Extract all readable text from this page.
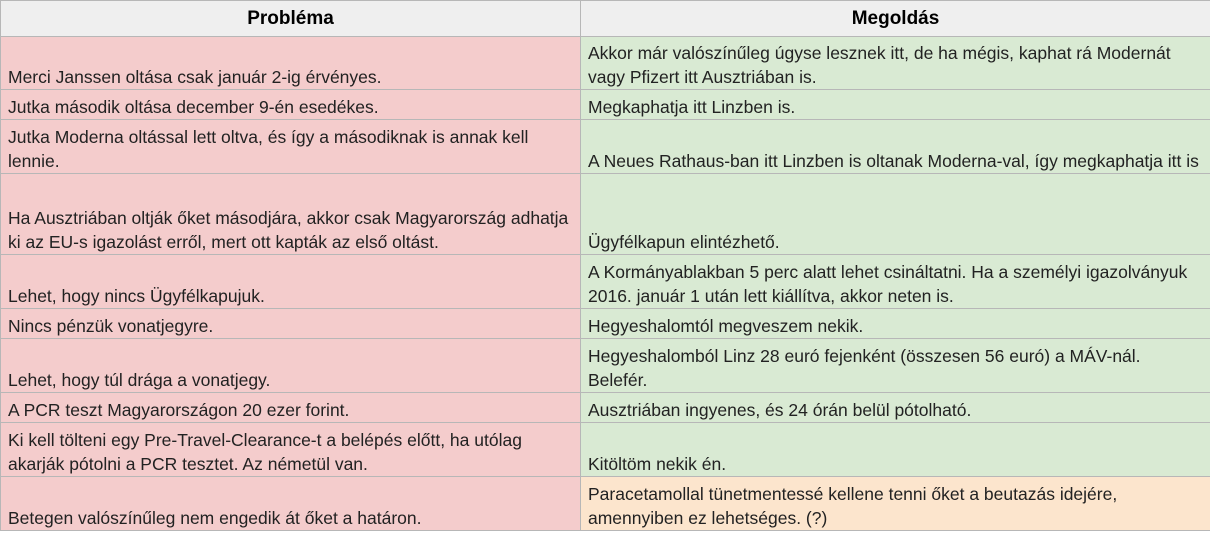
Probléma	Megoldás
Merci Janssen oltása csak január 2-ig érvényes.	Akkor már valószínűleg úgyse lesznek itt, de ha mégis, kaphat rá Modernát vagy Pfizert itt Ausztriában is.
Jutka második oltása december 9-én esedékes.	Megkaphatja itt Linzben is.
Jutka Moderna oltással lett oltva, és így a másodiknak is annak kell lennie.	A Neues Rathaus-ban itt Linzben is oltanak Moderna-val, így megkaphatja itt is
Ha Ausztriában oltják őket másodjára, akkor csak Magyarország adhatja ki az EU-s igazolást erről, mert ott kapták az első oltást.	Ügyfélkapun elintézhető.
Lehet, hogy nincs Ügyfélkapujuk.	A Kormányablakban 5 perc alatt lehet csináltatni. Ha a személyi igazolványuk 2016. január 1 után lett kiállítva, akkor neten is.
Nincs pénzük vonatjegyre.	Hegyeshalomtól megveszem nekik.
Lehet, hogy túl drága a vonatjegy.	Hegyeshalomból Linz 28 euró fejenként (összesen 56 euró) a MÁV-nál. Belefér.
A PCR teszt Magyarországon 20 ezer forint.	Ausztriában ingyenes, és 24 órán belül pótolható.
Ki kell tölteni egy Pre-Travel-Clearance-t a belépés előtt, ha utólag akarják pótolni a PCR tesztet. Az németül van.	Kitöltöm nekik én.
Betegen valószínűleg nem engedik át őket a határon.	Paracetamollal tünetmentessé kellene tenni őket a beutazás idejére, amennyiben ez lehetséges. (?)
